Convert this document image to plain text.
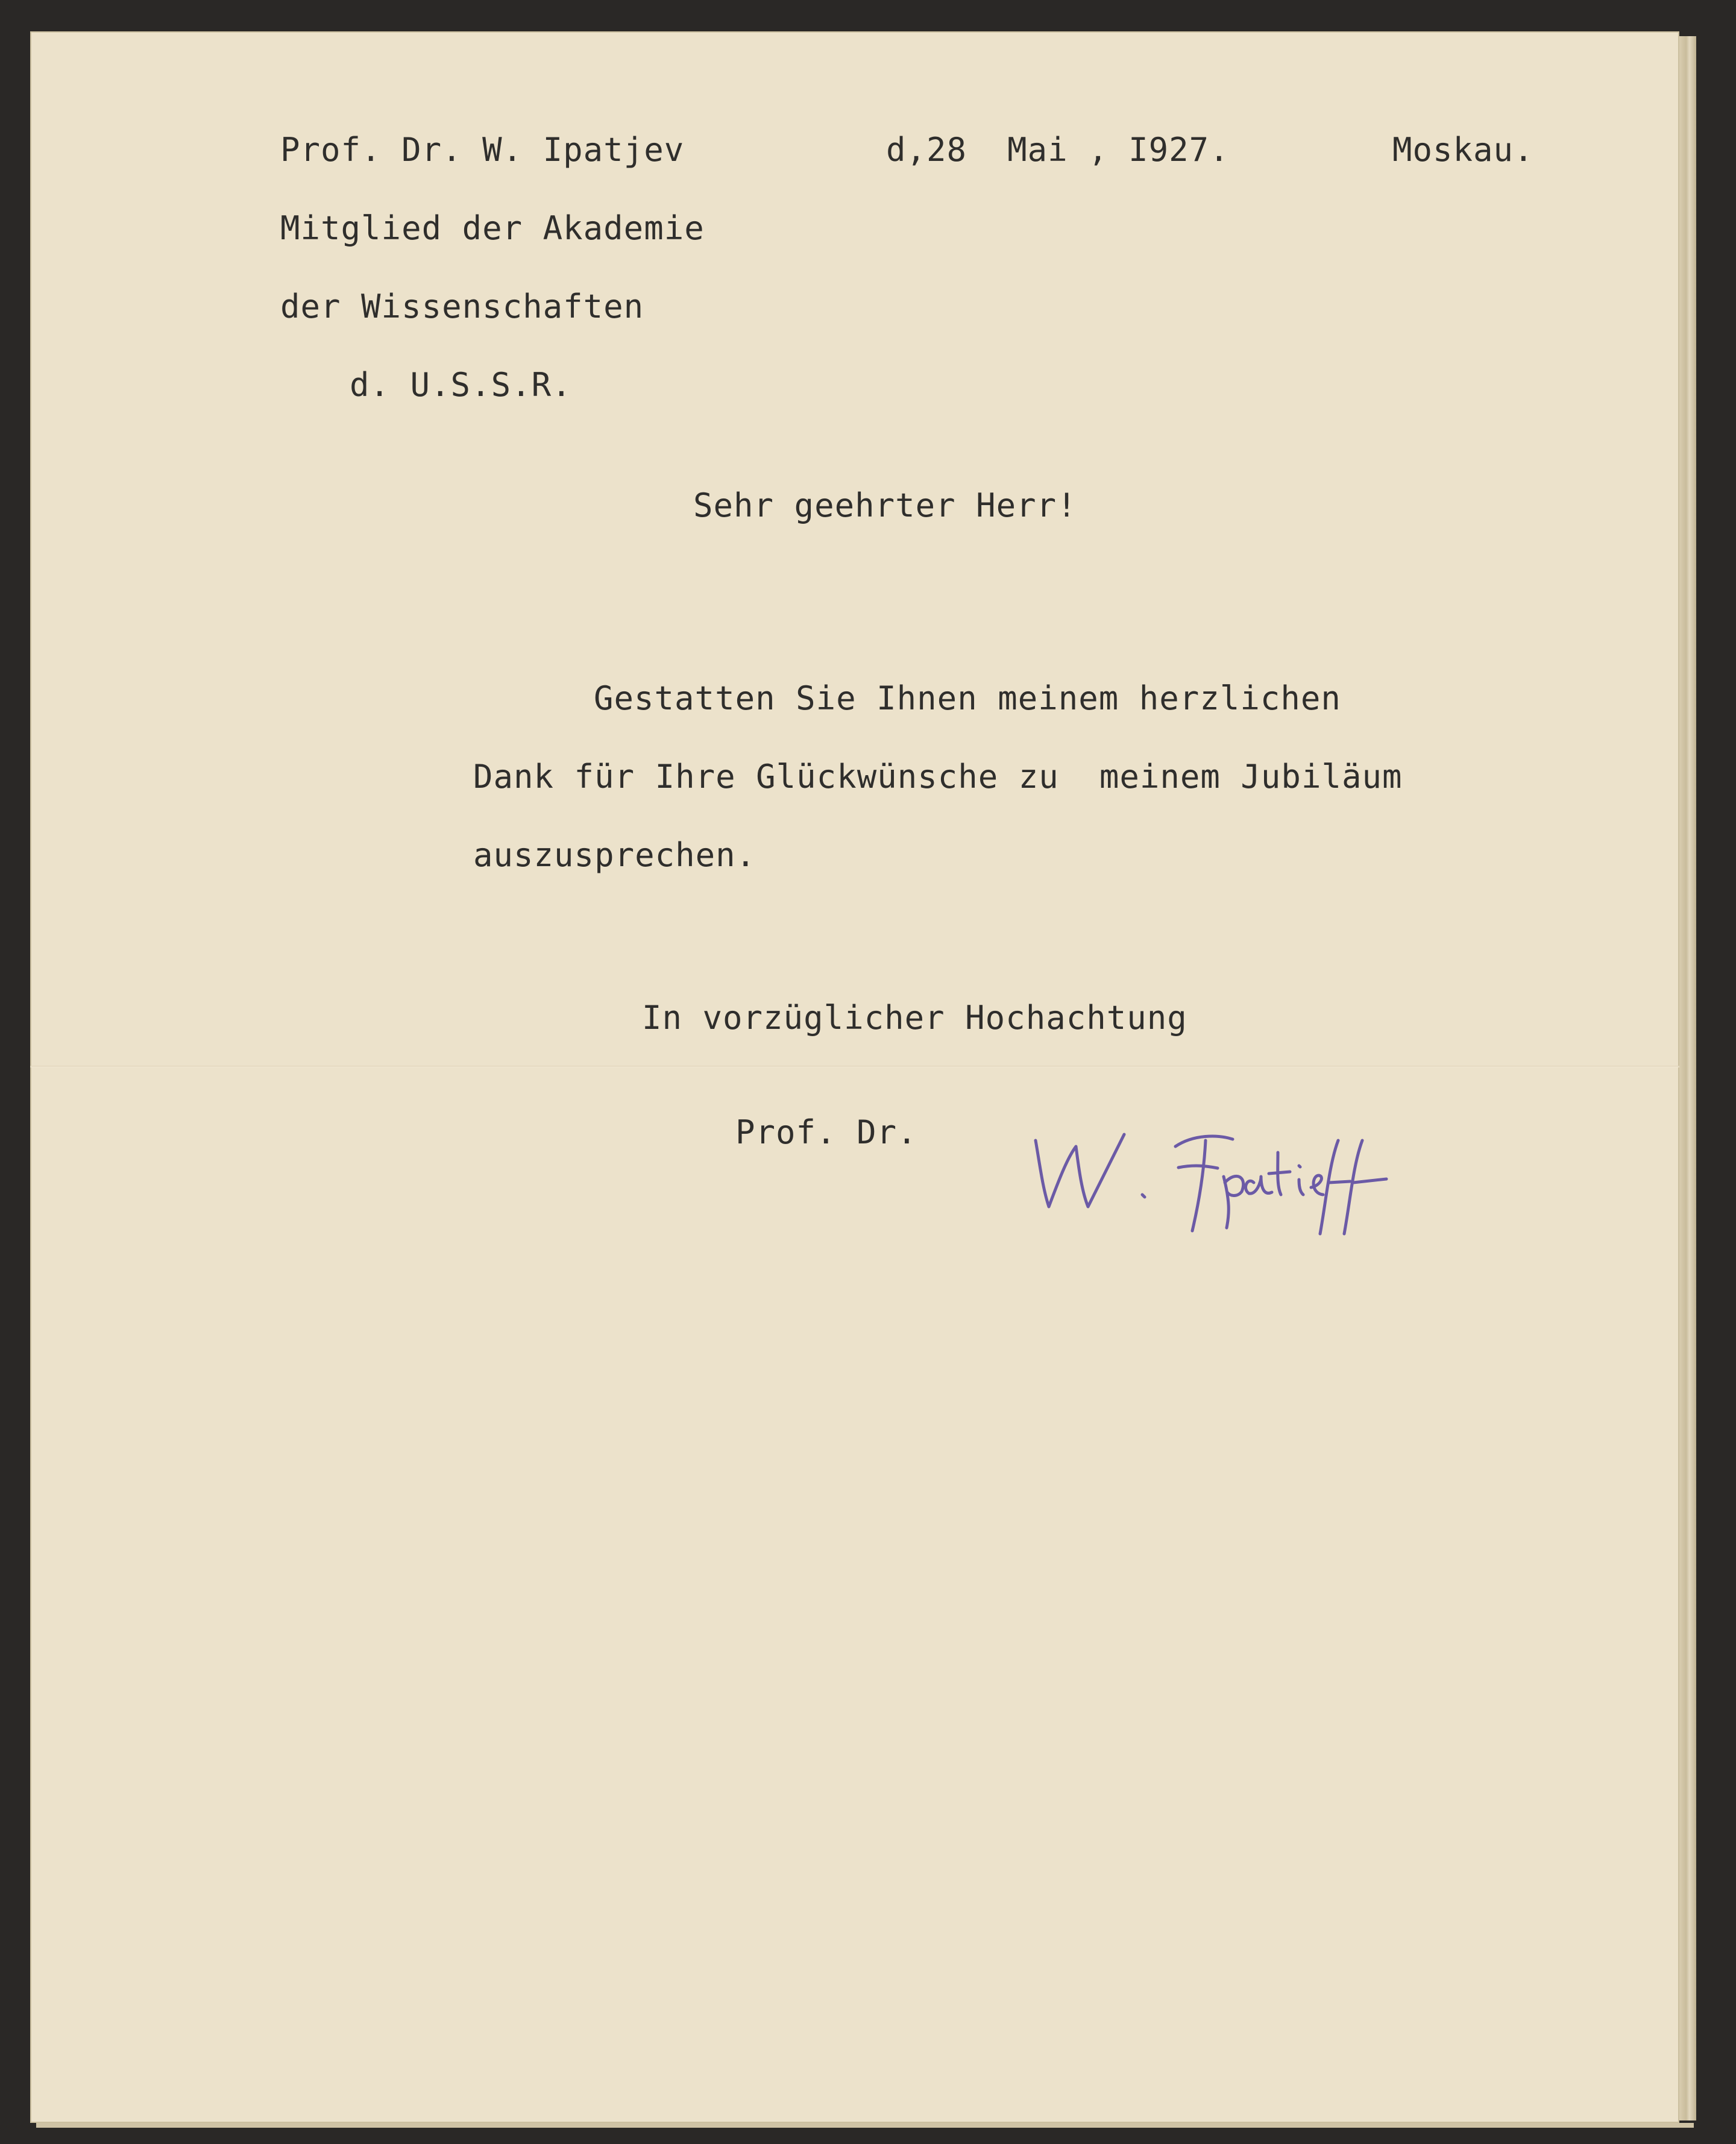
Prof. Dr. W. Ipatjev	d,28  Mai , I927.	Moskau.
Mitglied der Akademie
der Wissenschaften
d. U.S.S.R.
Sehr geehrter Herr!
Gestatten Sie Ihnen meinem herzlichen
Dank für Ihre Glückwünsche zu  meinem Jubiläum
auszusprechen.
In vorzüglicher Hochachtung
Prof. Dr.	W. Ipatieff
